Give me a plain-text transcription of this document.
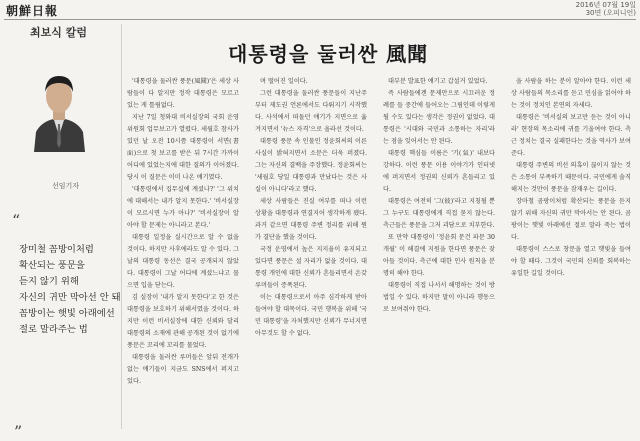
朝鮮日報	2016년 07월 19일
30면 (오피니언)
최보식 칼럼
선임기자
“
장미철 꼼방이처럼
확산되는 풍문을
듣지 않기 위해
자신의 귀만 막아선 안 돼
꼼방이는 햇빛 아래에선
절로 말라주는 법
”
대통령을 둘러싼 風聞

'대통령을 둘러싼 풍문(風聞)'은 세상 사람들이 다 알지만 정작 대통령은 모르고 있는 게 틀림없다.

지난 7일 청와대 비서실장의 국회 운영위원회 업무보고가 열렸다. 세월호 참사가 있던 날 오전 10시쯤 대통령이 서면(書面)으로 첫 보고를 받은 뒤 7시간 가까이 어디에 있었는지에 대한 질의가 이어졌다. 당시 이 질문은 이미 나온 얘기였다.

'대통령에서 집무실에 계셨나?' '그 위치에 대해서는 내가 알지 못한다.' '비서실장이 모르시면 누가 아나?' '비서실장이 알아야 할 문제는 아니라고 본다.'

대통령 일정을 실시간으로 알 수 없을 것이다. 하지만 사후에라도 알 수 있다. 그날의 대통령 동선은 결국 공개되지 않았다. 대통령이 그날 어디에 계셨느냐고 물으면 입을 닫는다.

김 실장이 '내가 알지 못한다'고 한 것은 대통령을 보호하기 위해서였을 것이다. 하지만 이런 비서실장에 대한 신뢰와 달리 대통령의 소재에 관해 공개된 것이 없기에 풍문은 꼬리에 꼬리를 물었다.

대통령을 둘러싼 루머들은 앞뒤 전개가 없는 얘기들이 지금도 SNS에서 퍼지고 있다.

며 떨어진 일이다.

그런 대통령을 둘러싼 풍문들이 지난주부터 제도권 언론에서도 다뤄지기 시작했다. 사석에서 떠돌던 얘기가 지면으로 옮겨지면서 '뉴스 자격'으로 올라선 것이다.

대통령 풍문 속 인물인 정윤회씨의 이른 사실이 밝혀지면서 소문은 더욱 퍼졌다. 그는 자신의 결백을 주장했다. 정윤회씨는 '세월호 당일 대통령과 만났다는 것은 사실이 아니다'라고 했다.

세상 사람들은 진실 여부를 떠나 이런 상황을 대통령과 연결지어 생각하게 됐다. 과거 같으면 대통령 주변 정리를 위해 뭔가 결단을 했을 것이다.

국정 운영에서 높은 지지율이 유지되고 있다면 풍문은 설 자리가 없을 것이다. 대통령 개인에 대한 신뢰가 흔들리면서 온갖 루머들이 증폭된다.

이는 대통령으로서 아주 심각하게 받아들여야 할 대목이다. 국민 행복을 위해 '국민 대통령'을 자처했지만 신뢰가 무너지면 아무것도 할 수 없다.

대부분 발표한 얘기고 갑설거 있었다.

즉 사람들에겐 문제만으로 시끄러운 정례를 들 중간에 들어오는 그림인데 이렇게 될 수도 있다는 생각은 정권이 없었다. 대통령은 '시대와 국민과 소통하는 자리'라는 점을 잊어서는 안 된다.

대통령 핵심들 이름은 '기(氣)' 내보다 강하다. 이런 풍문 이용 이야기가 인터넷에 퍼지면서 정권의 신뢰가 흔들리고 있다.

대통령은 여전히 '그(彼)'라고 지칭될 뿐 그 누구도 대통령에게 직접 묻지 않는다. 측근들은 풍문을 그저 괴담으로 치부한다.

또 만약 대통령이 '정윤회 문건 파문 30개월' 이 해결에 지원을 한다면 풍문은 잦아들 것이다. 측근에 대한 인사 원칙을 분명히 해야 한다.

대통령이 직접 나서서 해명하는 것이 방법일 수 있다. 하지만 말이 아니라 행동으로 보여줘야 한다.

을 사람을 하는 분이 알아야 한다. 이런 세상 사람들의 목소리를 듣고 민심을 읽어야 하는 것이 정치인 본연의 자세다.

대통령은 '비서실의 보고만 듣는 것이 아니라' 현장의 목소리에 귀를 기울여야 한다. 측근 정치는 결국 실패한다는 것을 역사가 보여준다.

대통령 주변의 비선 의혹이 끊이지 않는 것은 소통이 부족하기 때문이다. 국민에게 솔직해지는 것만이 풍문을 잠재우는 길이다.

장마철 곰팡이처럼 확산되는 풍문을 듣지 않기 위해 자신의 귀만 막아서는 안 된다. 곰팡이는 햇빛 아래에선 절로 말라 죽는 법이다.

대통령이 스스로 창문을 열고 햇빛을 들여야 할 때다. 그것이 국민의 신뢰를 회복하는 유일한 길일 것이다.
